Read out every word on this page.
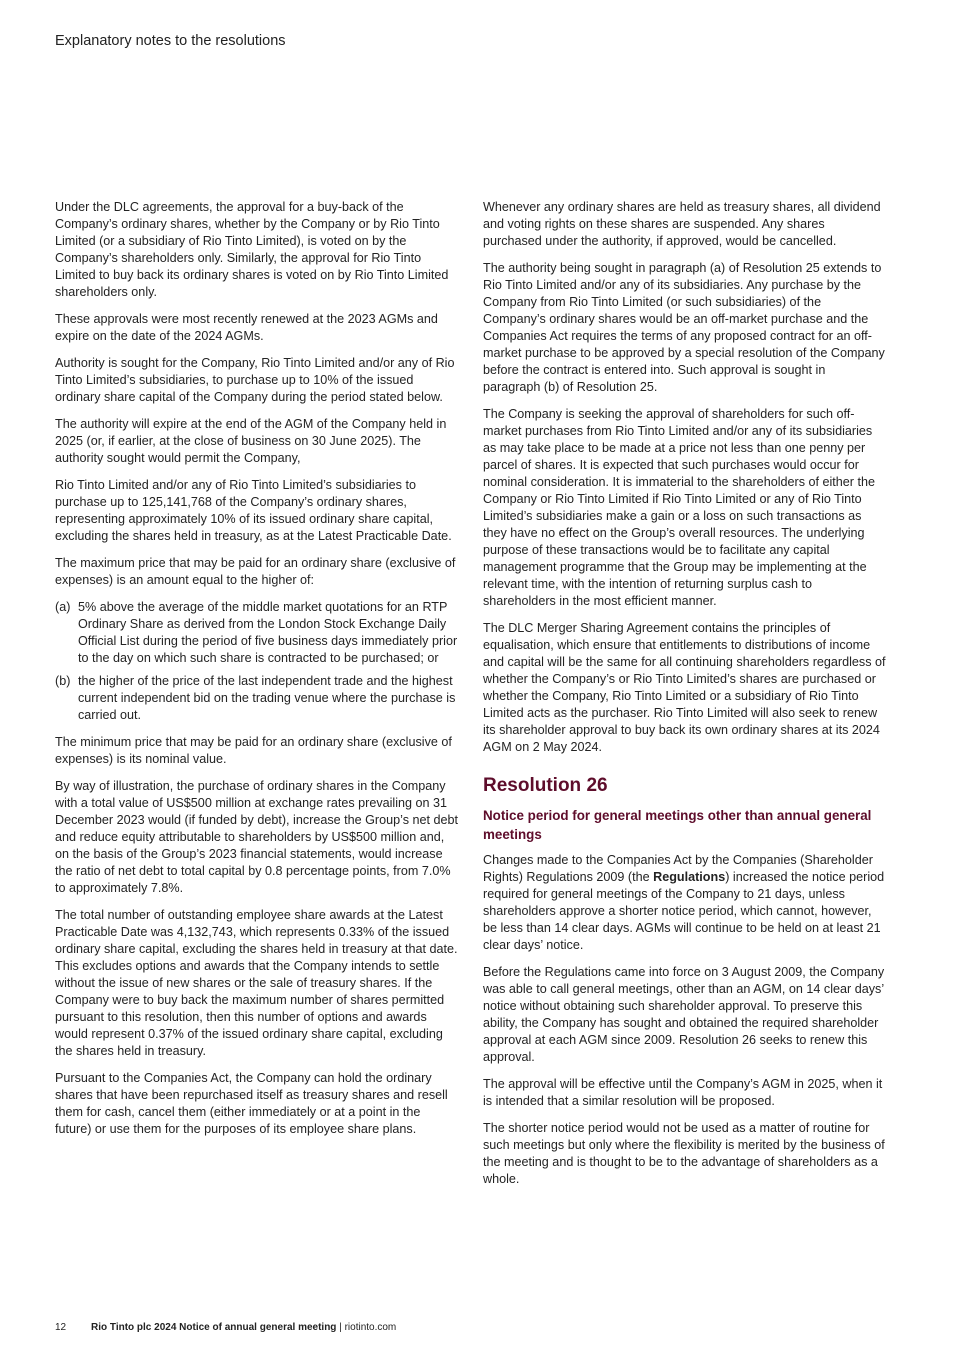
Explanatory notes to the resolutions

Under the DLC agreements, the approval for a buy-back of the Company’s ordinary shares, whether by the Company or by Rio Tinto Limited (or a subsidiary of Rio Tinto Limited), is voted on by the Company’s shareholders only. Similarly, the approval for Rio Tinto Limited to buy back its ordinary shares is voted on by Rio Tinto Limited shareholders only.

These approvals were most recently renewed at the 2023 AGMs and expire on the date of the 2024 AGMs.

Authority is sought for the Company, Rio Tinto Limited and/or any of Rio Tinto Limited’s subsidiaries, to purchase up to 10% of the issued ordinary share capital of the Company during the period stated below.

The authority will expire at the end of the AGM of the Company held in 2025 (or, if earlier, at the close of business on 30 June 2025). The authority sought would permit the Company,

Rio Tinto Limited and/or any of Rio Tinto Limited’s subsidiaries to purchase up to 125,141,768 of the Company’s ordinary shares, representing approximately 10% of its issued ordinary share capital, excluding the shares held in treasury, as at the Latest Practicable Date.

The maximum price that may be paid for an ordinary share (exclusive of expenses) is an amount equal to the higher of:

(a) 5% above the average of the middle market quotations for an RTP Ordinary Share as derived from the London Stock Exchange Daily Official List during the period of five business days immediately prior to the day on which such share is contracted to be purchased; or
(b) the higher of the price of the last independent trade and the highest current independent bid on the trading venue where the purchase is carried out.

The minimum price that may be paid for an ordinary share (exclusive of expenses) is its nominal value.

By way of illustration, the purchase of ordinary shares in the Company with a total value of US$500 million at exchange rates prevailing on 31 December 2023 would (if funded by debt), increase the Group’s net debt and reduce equity attributable to shareholders by US$500 million and, on the basis of the Group’s 2023 financial statements, would increase the ratio of net debt to total capital by 0.8 percentage points, from 7.0% to approximately 7.8%.

The total number of outstanding employee share awards at the Latest Practicable Date was 4,132,743, which represents 0.33% of the issued ordinary share capital, excluding the shares held in treasury at that date. This excludes options and awards that the Company intends to settle without the issue of new shares or the sale of treasury shares. If the Company were to buy back the maximum number of shares permitted pursuant to this resolution, then this number of options and awards would represent 0.37% of the issued ordinary share capital, excluding the shares held in treasury.

Pursuant to the Companies Act, the Company can hold the ordinary shares that have been repurchased itself as treasury shares and resell them for cash, cancel them (either immediately or at a point in the future) or use them for the purposes of its employee share plans.

Whenever any ordinary shares are held as treasury shares, all dividend and voting rights on these shares are suspended. Any shares purchased under the authority, if approved, would be cancelled.

The authority being sought in paragraph (a) of Resolution 25 extends to Rio Tinto Limited and/or any of its subsidiaries. Any purchase by the Company from Rio Tinto Limited (or such subsidiaries) of the Company’s ordinary shares would be an off-market purchase and the Companies Act requires the terms of any proposed contract for an off-market purchase to be approved by a special resolution of the Company before the contract is entered into. Such approval is sought in paragraph (b) of Resolution 25.

The Company is seeking the approval of shareholders for such off-market purchases from Rio Tinto Limited and/or any of its subsidiaries as may take place to be made at a price not less than one penny per parcel of shares. It is expected that such purchases would occur for nominal consideration. It is immaterial to the shareholders of either the Company or Rio Tinto Limited if Rio Tinto Limited or any of Rio Tinto Limited’s subsidiaries make a gain or a loss on such transactions as they have no effect on the Group’s overall resources. The underlying purpose of these transactions would be to facilitate any capital management programme that the Group may be implementing at the relevant time, with the intention of returning surplus cash to shareholders in the most efficient manner.

The DLC Merger Sharing Agreement contains the principles of equalisation, which ensure that entitlements to distributions of income and capital will be the same for all continuing shareholders regardless of whether the Company’s or Rio Tinto Limited’s shares are purchased or whether the Company, Rio Tinto Limited or a subsidiary of Rio Tinto Limited acts as the purchaser. Rio Tinto Limited will also seek to renew its shareholder approval to buy back its own ordinary shares at its 2024 AGM on 2 May 2024.

Resolution 26
Notice period for general meetings other than annual general meetings

Changes made to the Companies Act by the Companies (Shareholder Rights) Regulations 2009 (the Regulations) increased the notice period required for general meetings of the Company to 21 days, unless shareholders approve a shorter notice period, which cannot, however, be less than 14 clear days. AGMs will continue to be held on at least 21 clear days’ notice.

Before the Regulations came into force on 3 August 2009, the Company was able to call general meetings, other than an AGM, on 14 clear days’ notice without obtaining such shareholder approval. To preserve this ability, the Company has sought and obtained the required shareholder approval at each AGM since 2009. Resolution 26 seeks to renew this approval.

The approval will be effective until the Company’s AGM in 2025, when it is intended that a similar resolution will be proposed.

The shorter notice period would not be used as a matter of routine for such meetings but only where the flexibility is merited by the business of the meeting and is thought to be to the advantage of shareholders as a whole.

12 Rio Tinto plc 2024 Notice of annual general meeting | riotinto.com
